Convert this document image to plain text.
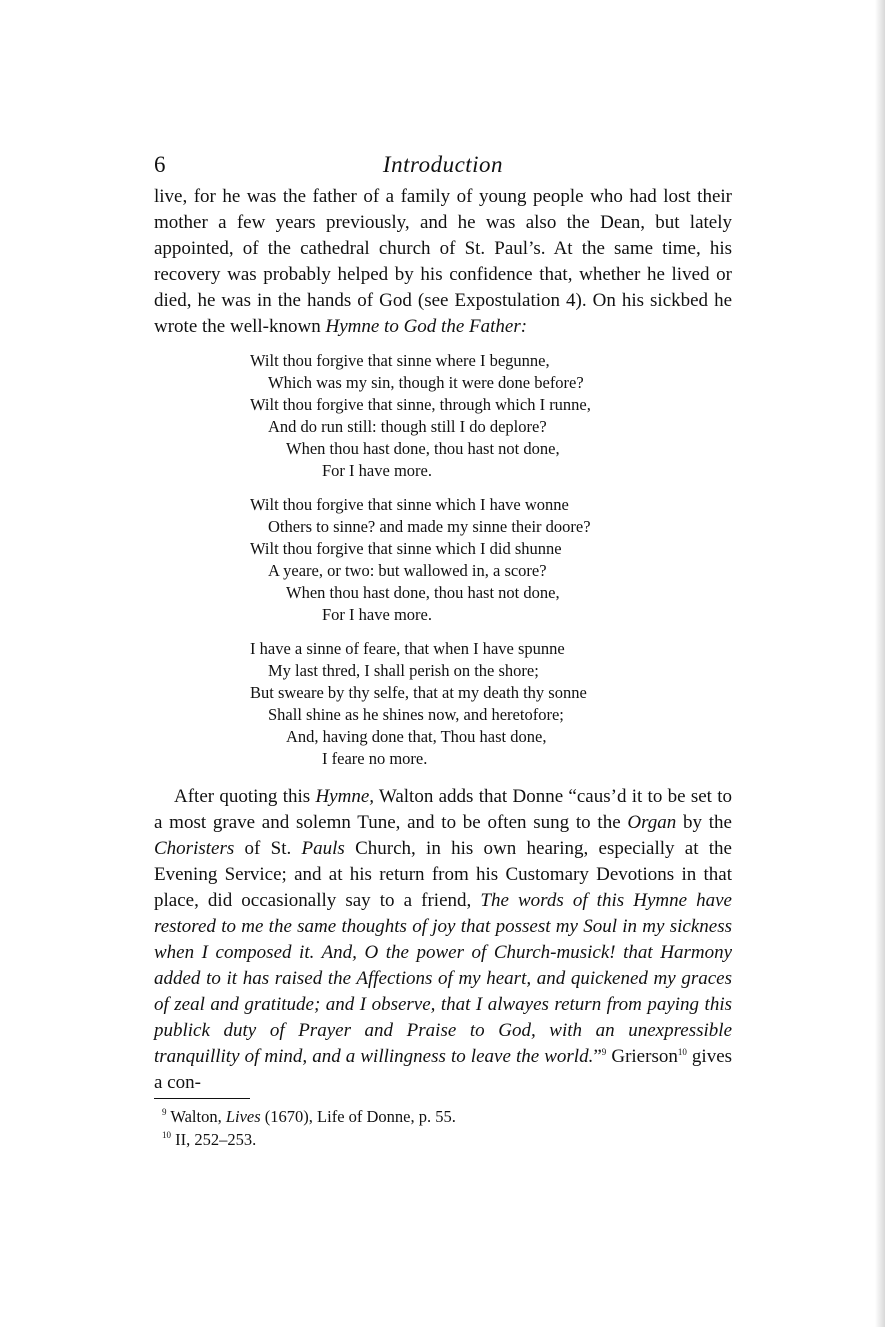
6	Introduction

live, for he was the father of a family of young people who had lost their mother a few years previously, and he was also the Dean, but lately appointed, of the cathedral church of St. Paul’s. At the same time, his recovery was probably helped by his confidence that, whether he lived or died, he was in the hands of God (see Expostulation 4). On his sickbed he wrote the well-known Hymne to God the Father:

Wilt thou forgive that sinne where I begunne,
Which was my sin, though it were done before?
Wilt thou forgive that sinne, through which I runne,
And do run still: though still I do deplore?
When thou hast done, thou hast not done,
For I have more.
Wilt thou forgive that sinne which I have wonne
Others to sinne? and made my sinne their doore?
Wilt thou forgive that sinne which I did shunne
A yeare, or two: but wallowed in, a score?
When thou hast done, thou hast not done,
For I have more.
I have a sinne of feare, that when I have spunne
My last thred, I shall perish on the shore;
But sweare by thy selfe, that at my death thy sonne
Shall shine as he shines now, and heretofore;
And, having done that, Thou hast done,
I feare no more.

After quoting this Hymne, Walton adds that Donne “caus’d it to be set to a most grave and solemn Tune, and to be often sung to the Organ by the Choristers of St. Pauls Church, in his own hearing, especially at the Evening Service; and at his return from his Customary Devotions in that place, did occasionally say to a friend, The words of this Hymne have restored to me the same thoughts of joy that possest my Soul in my sickness when I composed it. And, O the power of Church-musick! that Harmony added to it has raised the Affections of my heart, and quickened my graces of zeal and gratitude; and I observe, that I alwayes return from paying this publick duty of Prayer and Praise to God, with an unexpressible tranquillity of mind, and a willingness to leave the world.”$^9$ Grierson$^{10}$ gives a con-

$^9$ Walton, Lives (1670), Life of Donne, p. 55.
$^{10}$ II, 252–253.
